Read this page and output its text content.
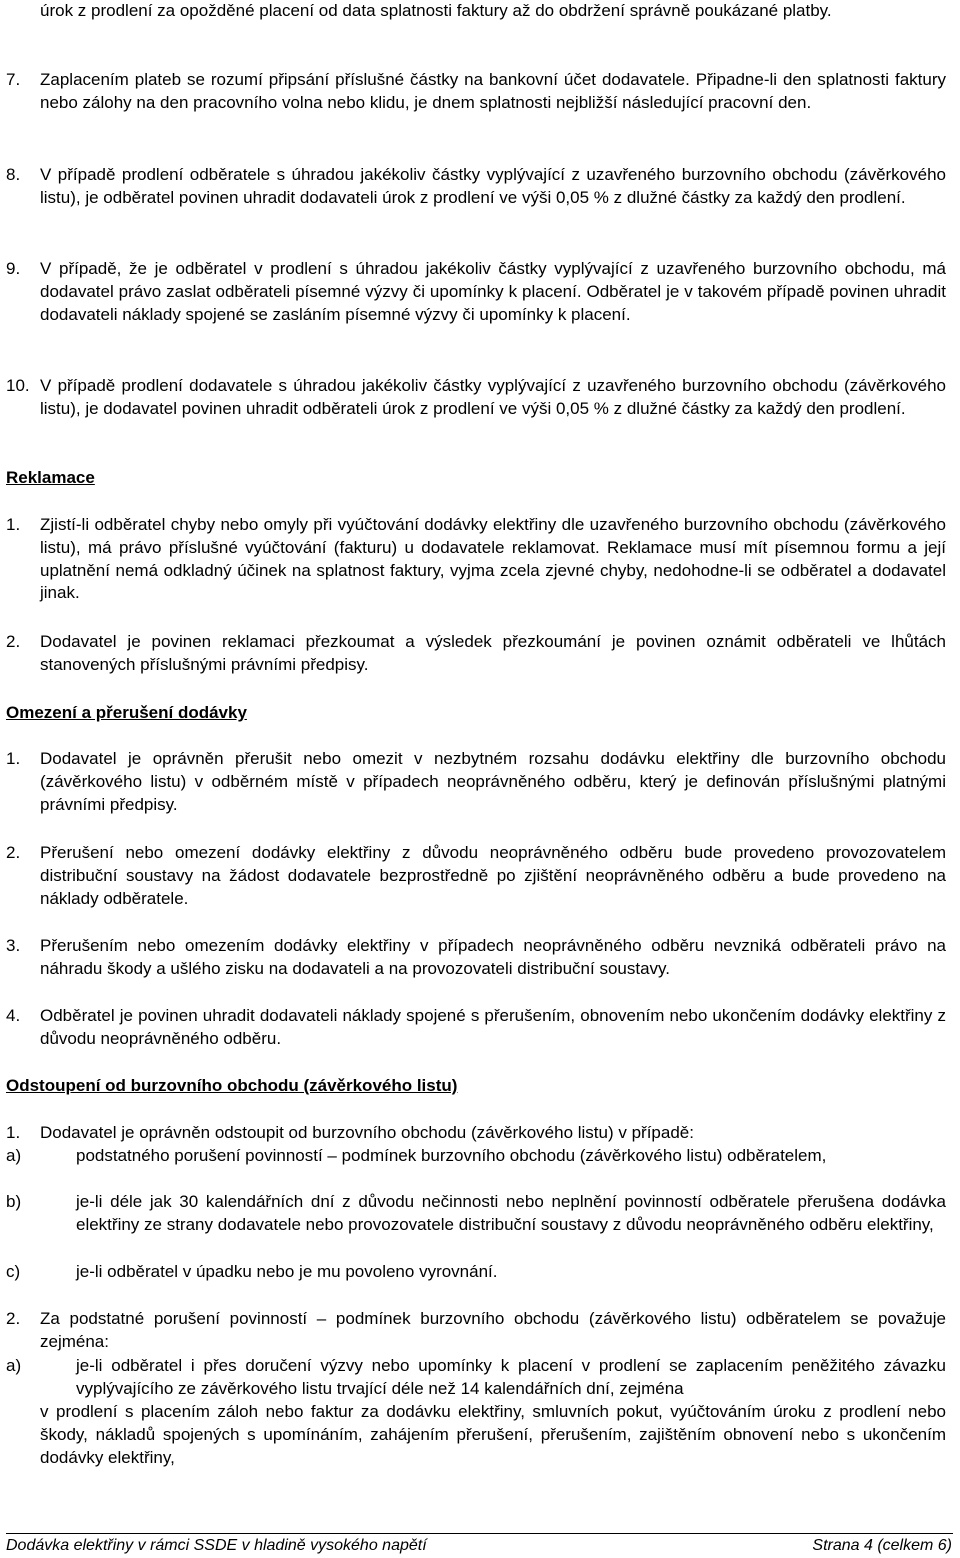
úrok z prodlení za opožděné placení od data splatnosti faktury až do obdržení správně poukázané platby.
7.	Zaplacením plateb se rozumí připsání příslušné částky na bankovní účet dodavatele. Připadne-li den splatnosti faktury nebo zálohy na den pracovního volna nebo klidu, je dnem splatnosti nejbližší následující pracovní den.
8.	V případě prodlení odběratele s úhradou jakékoliv částky vyplývající z uzavřeného burzovního obchodu (závěrkového listu), je odběratel povinen uhradit dodavateli úrok z prodlení ve výši 0,05 % z dlužné částky za každý den prodlení.
9.	V případě, že je odběratel v prodlení s úhradou jakékoliv částky vyplývající z uzavřeného burzovního obchodu, má dodavatel právo zaslat odběrateli písemné výzvy či upomínky k placení. Odběratel je v takovém případě povinen uhradit dodavateli náklady spojené se zasláním písemné výzvy či upomínky k placení.
10. V případě prodlení dodavatele s úhradou jakékoliv částky vyplývající z uzavřeného burzovního obchodu (závěrkového listu), je dodavatel povinen uhradit odběrateli úrok z prodlení ve výši 0,05 % z dlužné částky za každý den prodlení.
Reklamace
1.	Zjistí-li odběratel chyby nebo omyly při vyúčtování dodávky elektřiny dle uzavřeného burzovního obchodu (závěrkového listu), má právo příslušné vyúčtování (fakturu) u dodavatele reklamovat. Reklamace musí mít písemnou formu a její uplatnění nemá odkladný účinek na splatnost faktury, vyjma zcela zjevné chyby, nedohodne-li se odběratel a dodavatel jinak.
2.	Dodavatel je povinen reklamaci přezkoumat a výsledek přezkoumání je povinen oznámit odběrateli ve lhůtách stanovených příslušnými právními předpisy.
Omezení a přerušení dodávky
1.	Dodavatel je oprávněn přerušit nebo omezit v nezbytném rozsahu dodávku elektřiny dle burzovního obchodu (závěrkového listu) v odběrném místě v případech neoprávněného odběru, který je definován příslušnými platnými právními předpisy.
2.	Přerušení nebo omezení dodávky elektřiny z důvodu neoprávněného odběru bude provedeno provozovatelem distribuční soustavy na žádost dodavatele bezprostředně po zjištění neoprávněného odběru a bude provedeno na náklady odběratele.
3.	Přerušením nebo omezením dodávky elektřiny v případech neoprávněného odběru nevzniká odběrateli právo na náhradu škody a ušlého zisku na dodavateli a na provozovateli distribuční soustavy.
4.	Odběratel je povinen uhradit dodavateli náklady spojené s přerušením, obnovením nebo ukončením dodávky elektřiny z důvodu neoprávněného odběru.
Odstoupení od burzovního obchodu (závěrkového listu)
1.	Dodavatel je oprávněn odstoupit od burzovního obchodu (závěrkového listu) v případě:
a)	podstatného porušení povinností – podmínek burzovního obchodu (závěrkového listu) odběratelem,
b)	je-li déle jak 30 kalendářních dní z důvodu nečinnosti nebo neplnění povinností odběratele přerušena dodávka elektřiny ze strany dodavatele nebo provozovatele distribuční soustavy z důvodu neoprávněného odběru elektřiny,
c)	je-li odběratel v úpadku nebo je mu povoleno vyrovnání.
2.	Za podstatné porušení povinností – podmínek burzovního obchodu (závěrkového listu) odběratelem se považuje zejména:
a)	je-li odběratel i přes doručení výzvy nebo upomínky k placení v prodlení se zaplacením peněžitého závazku vyplývajícího ze závěrkového listu trvající déle než 14 kalendářních dní, zejména
v prodlení s placením záloh nebo faktur za dodávku elektřiny, smluvních pokut, vyúčtováním úroku z prodlení nebo škody, nákladů spojených s upomínáním, zahájením přerušení, přerušením, zajištěním obnovení nebo s ukončením dodávky elektřiny,
Dodávka elektřiny v rámci SSDE v hladině vysokého napětí	Strana 4 (celkem 6)
